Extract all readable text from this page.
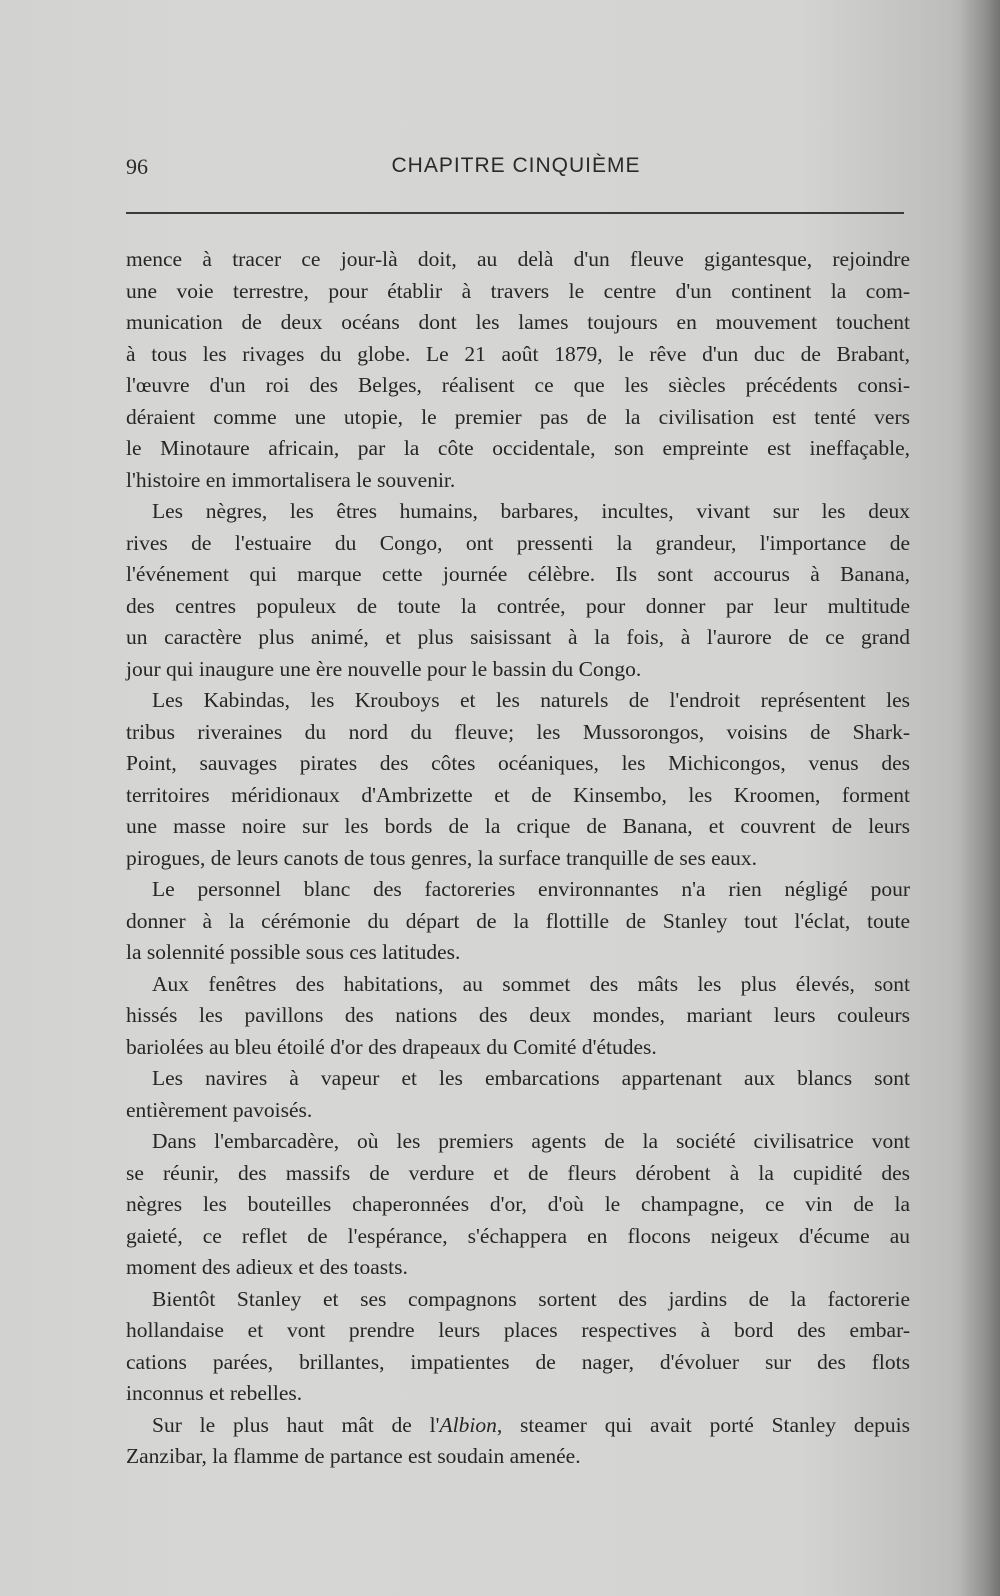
96	CHAPITRE CINQUIÈME
mence à tracer ce jour-là doit, au delà d'un fleuve gigantesque, rejoindre
une voie terrestre, pour établir à travers le centre d'un continent la com-
munication de deux océans dont les lames toujours en mouvement touchent
à tous les rivages du globe. Le 21 août 1879, le rêve d'un duc de Brabant,
l'œuvre d'un roi des Belges, réalisent ce que les siècles précédents consi-
déraient comme une utopie, le premier pas de la civilisation est tenté vers
le Minotaure africain, par la côte occidentale, son empreinte est ineffaçable,
l'histoire en immortalisera le souvenir.
Les nègres, les êtres humains, barbares, incultes, vivant sur les deux
rives de l'estuaire du Congo, ont pressenti la grandeur, l'importance de
l'événement qui marque cette journée célèbre. Ils sont accourus à Banana,
des centres populeux de toute la contrée, pour donner par leur multitude
un caractère plus animé, et plus saisissant à la fois, à l'aurore de ce grand
jour qui inaugure une ère nouvelle pour le bassin du Congo.
Les Kabindas, les Krouboys et les naturels de l'endroit représentent les
tribus riveraines du nord du fleuve; les Mussorongos, voisins de Shark-
Point, sauvages pirates des côtes océaniques, les Michicongos, venus des
territoires méridionaux d'Ambrizette et de Kinsembo, les Kroomen, forment
une masse noire sur les bords de la crique de Banana, et couvrent de leurs
pirogues, de leurs canots de tous genres, la surface tranquille de ses eaux.
Le personnel blanc des factoreries environnantes n'a rien négligé pour
donner à la cérémonie du départ de la flottille de Stanley tout l'éclat, toute
la solennité possible sous ces latitudes.
Aux fenêtres des habitations, au sommet des mâts les plus élevés, sont
hissés les pavillons des nations des deux mondes, mariant leurs couleurs
bariolées au bleu étoilé d'or des drapeaux du Comité d'études.
Les navires à vapeur et les embarcations appartenant aux blancs sont
entièrement pavoisés.
Dans l'embarcadère, où les premiers agents de la société civilisatrice vont
se réunir, des massifs de verdure et de fleurs dérobent à la cupidité des
nègres les bouteilles chaperonnées d'or, d'où le champagne, ce vin de la
gaieté, ce reflet de l'espérance, s'échappera en flocons neigeux d'écume au
moment des adieux et des toasts.
Bientôt Stanley et ses compagnons sortent des jardins de la factorerie
hollandaise et vont prendre leurs places respectives à bord des embar-
cations parées, brillantes, impatientes de nager, d'évoluer sur des flots
inconnus et rebelles.
Sur le plus haut mât de l'Albion, steamer qui avait porté Stanley depuis
Zanzibar, la flamme de partance est soudain amenée.
